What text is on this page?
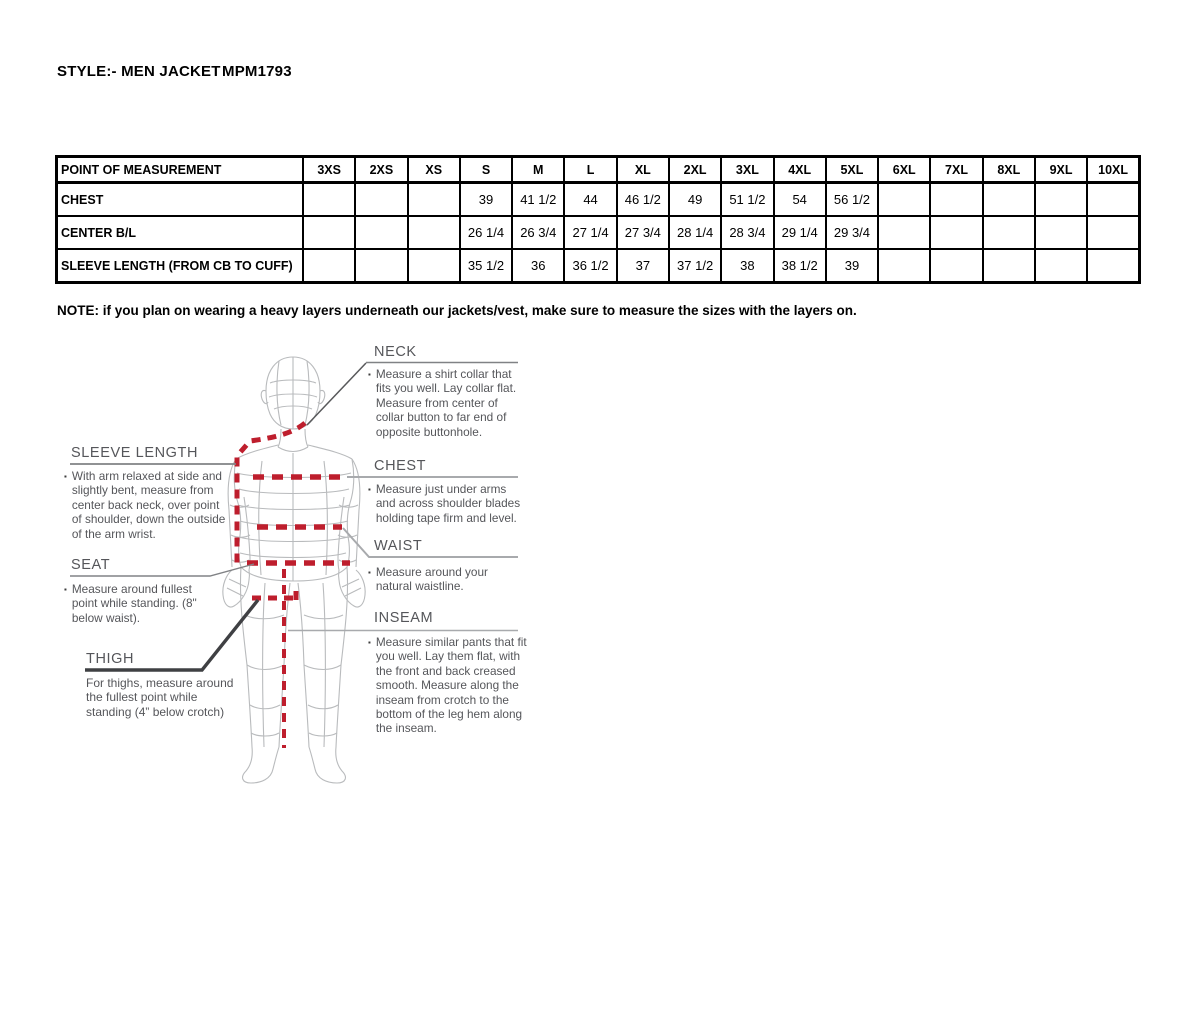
STYLE:- MEN JACKET MPM1793
POINT OF MEASUREMENT	3XS	2XS	XS	S	M	L	XL	2XL	3XL	4XL	5XL	6XL	7XL	8XL	9XL	10XL
CHEST				39	41 1/2	44	46 1/2	49	51 1/2	54	56 1/2					
CENTER B/L				26 1/4	26 3/4	27 1/4	27 3/4	28 1/4	28 3/4	29 1/4	29 3/4					
SLEEVE LENGTH (FROM CB TO CUFF)				35 1/2	36	36 1/2	37	37 1/2	38	38 1/2	39					
NOTE: if you plan on wearing a heavy layers underneath our jackets/vest, make sure to measure the sizes with the layers on.
SLEEVE LENGTH
▪ With arm relaxed at side and slightly bent, measure from center back neck, over point of shoulder, down the outside of the arm wrist.
SEAT
▪ Measure around fullest point while standing. (8" below waist).
THIGH
For thighs, measure around the fullest point while standing (4” below crotch)
NECK
▪ Measure a shirt collar that fits you well. Lay collar flat. Measure from center of collar button to far end of opposite buttonhole.
CHEST
▪ Measure just under arms and across shoulder blades holding tape firm and level.
WAIST
▪ Measure around your natural waistline.
INSEAM
▪ Measure similar pants that fit you well. Lay them flat, with the front and back creased smooth. Measure along the inseam from crotch to the bottom of the leg hem along the inseam.
